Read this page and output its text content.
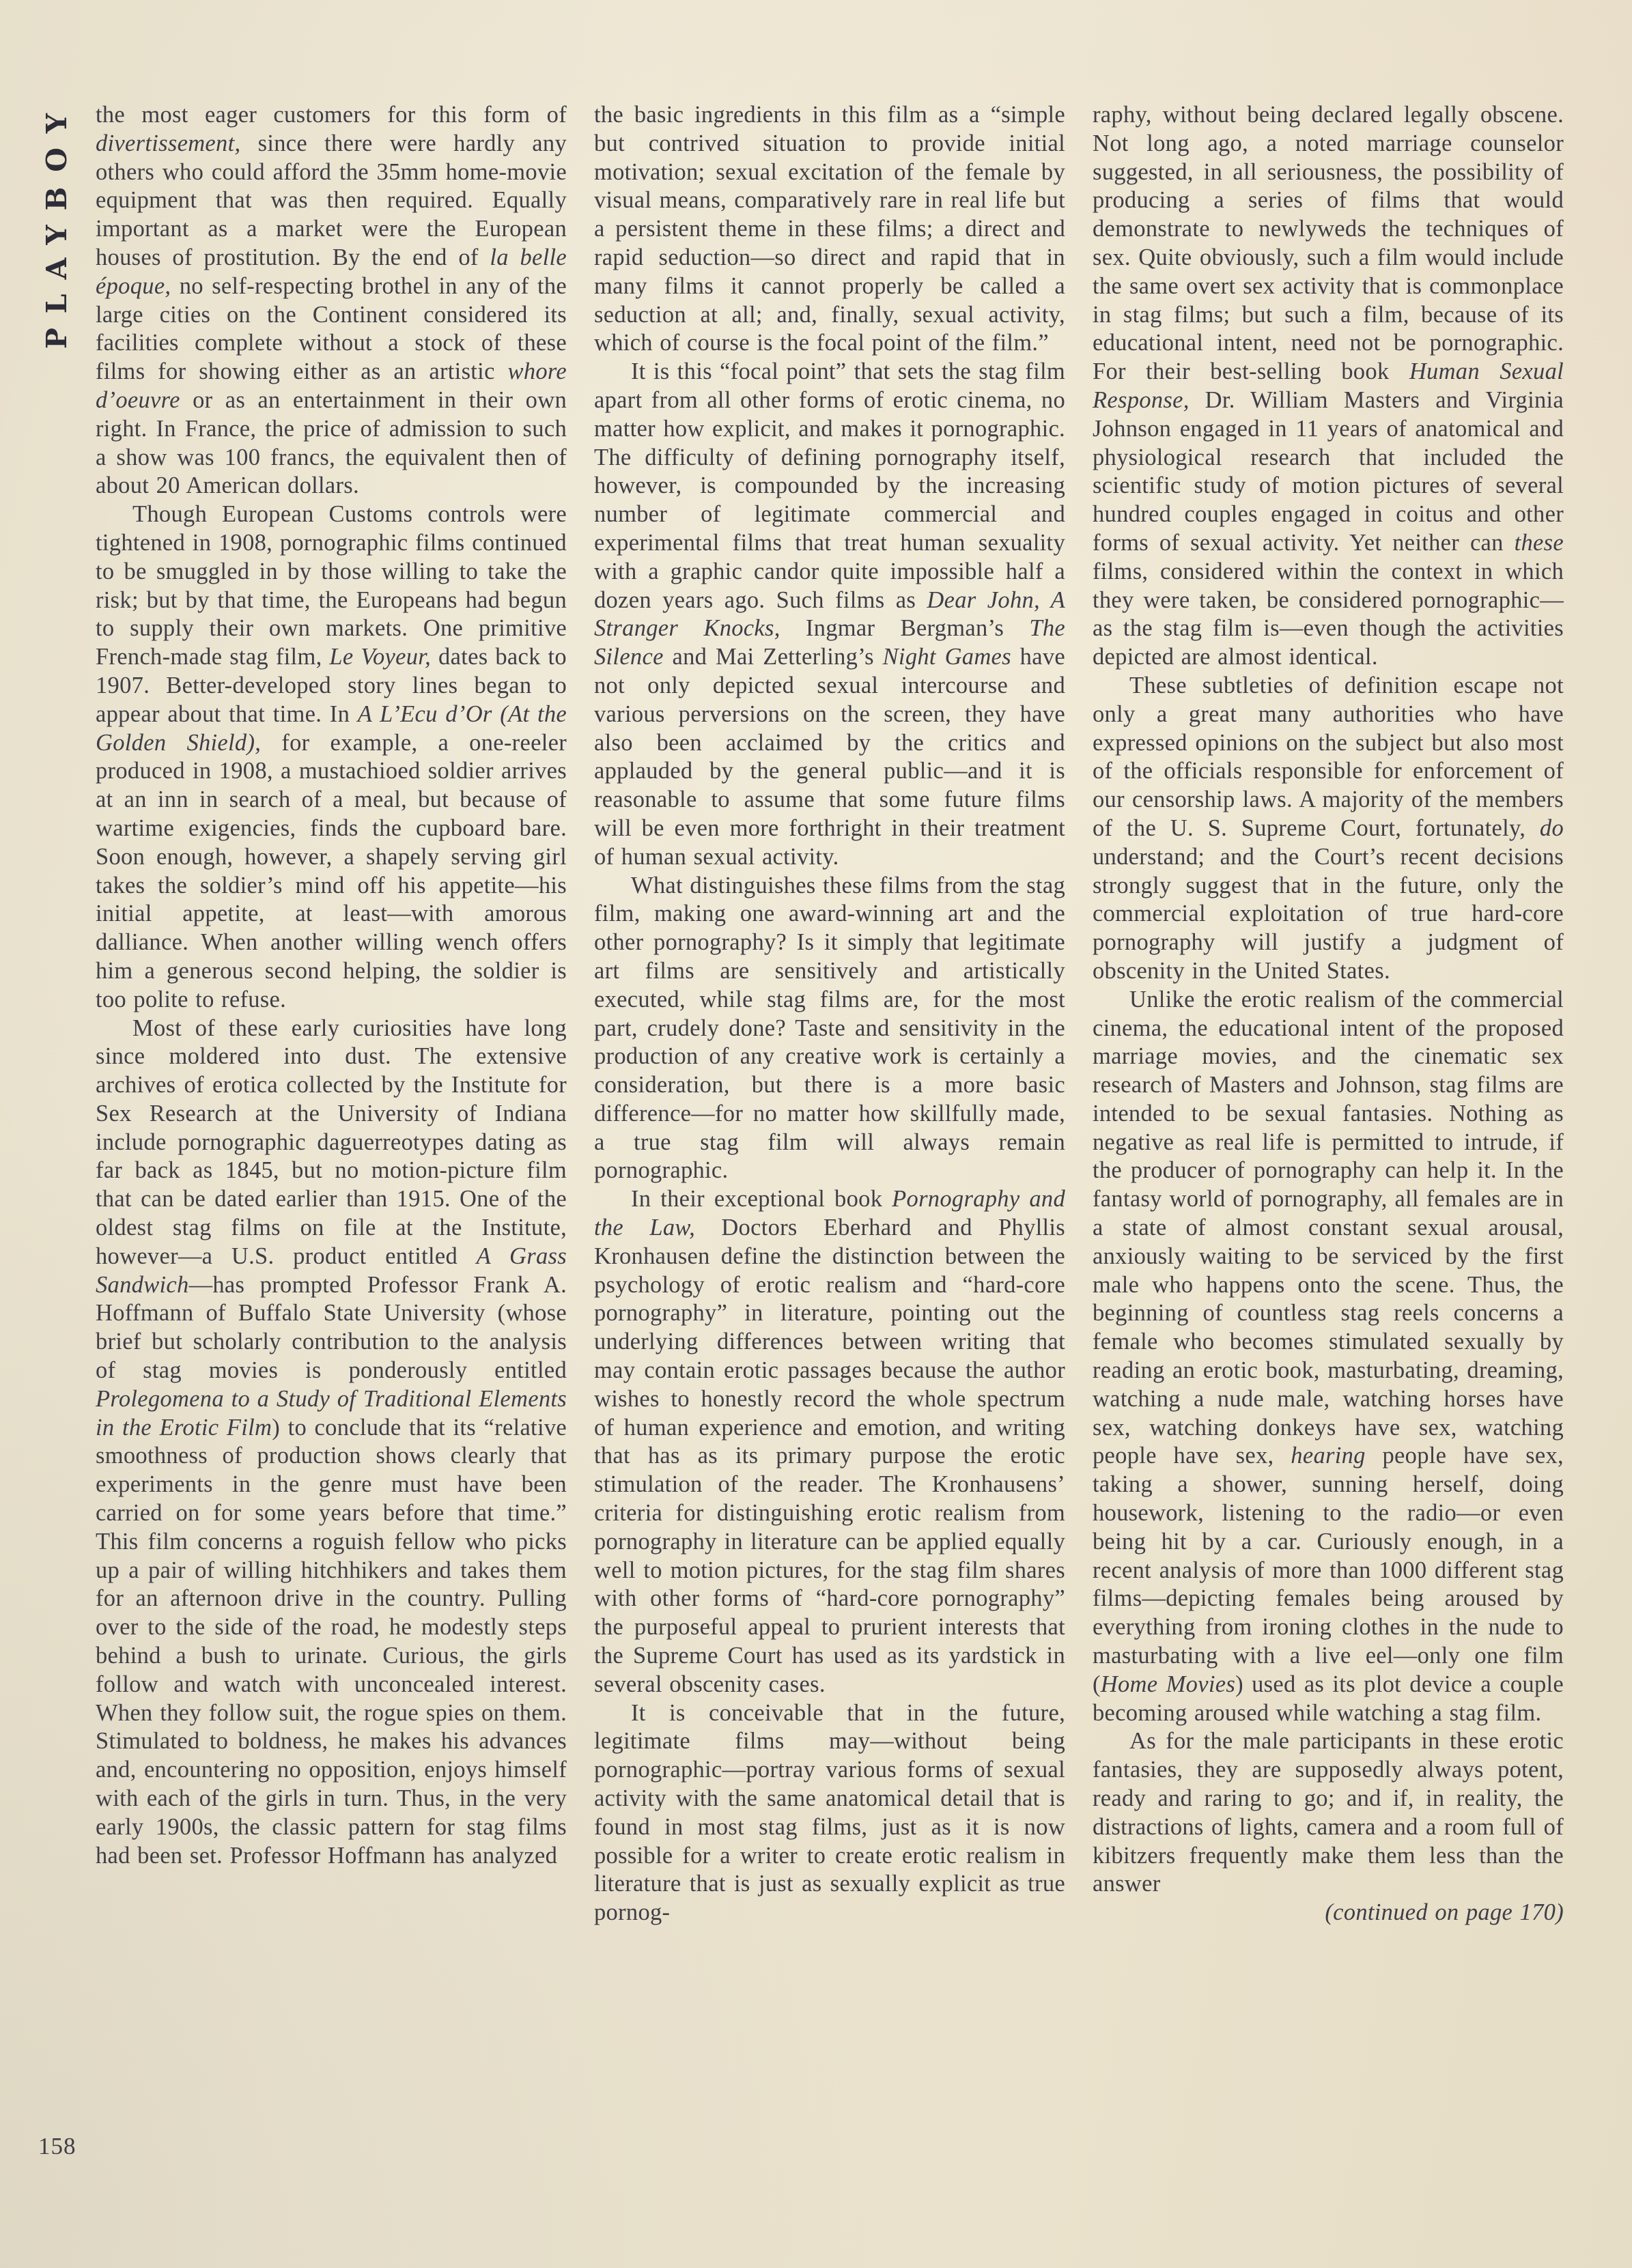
PLAYBOY the most eager customers for this form of divertissement, since there were hardly any others who could afford the 35mm home-movie equipment that was then required. Equally important as a market were the European houses of prostitution. By the end of la belle époque, no self-respecting brothel in any of the large cities on the Continent considered its facilities complete without a stock of these films for showing either as an artistic whore d’oeuvre or as an entertainment in their own right. In France, the price of admission to such a show was 100 francs, the equivalent then of about 20 American dollars.

Though European Customs controls were tightened in 1908, pornographic films continued to be smuggled in by those willing to take the risk; but by that time, the Europeans had begun to supply their own markets. One primitive French-made stag film, Le Voyeur, dates back to 1907. Better-developed story lines began to appear about that time. In A L’Ecu d’Or (At the Golden Shield), for example, a one-reeler produced in 1908, a mustachioed soldier arrives at an inn in search of a meal, but because of wartime exigencies, finds the cupboard bare. Soon enough, however, a shapely serving girl takes the soldier’s mind off his appetite—his initial appetite, at least—with amorous dalliance. When another willing wench offers him a generous second helping, the soldier is too polite to refuse.

Most of these early curiosities have long since moldered into dust. The extensive archives of erotica collected by the Institute for Sex Research at the University of Indiana include pornographic daguerreotypes dating as far back as 1845, but no motion-picture film that can be dated earlier than 1915. One of the oldest stag films on file at the Institute, however—a U.S. product entitled A Grass Sandwich—has prompted Professor Frank A. Hoffmann of Buffalo State University (whose brief but scholarly contribution to the analysis of stag movies is ponderously entitled Prolegomena to a Study of Traditional Elements in the Erotic Film) to conclude that its “relative smoothness of production shows clearly that experiments in the genre must have been carried on for some years before that time.” This film concerns a roguish fellow who picks up a pair of willing hitchhikers and takes them for an afternoon drive in the country. Pulling over to the side of the road, he modestly steps behind a bush to urinate. Curious, the girls follow and watch with unconcealed interest. When they follow suit, the rogue spies on them. Stimulated to boldness, he makes his advances and, encountering no opposition, enjoys himself with each of the girls in turn. Thus, in the very early 1900s, the classic pattern for stag films had been set. Professor Hoffmann has analyzed

the basic ingredients in this film as a “simple but contrived situation to provide initial motivation; sexual excitation of the female by visual means, comparatively rare in real life but a persistent theme in these films; a direct and rapid seduction—so direct and rapid that in many films it cannot properly be called a seduction at all; and, finally, sexual activity, which of course is the focal point of the film.”

It is this “focal point” that sets the stag film apart from all other forms of erotic cinema, no matter how explicit, and makes it pornographic. The difficulty of defining pornography itself, however, is compounded by the increasing number of legitimate commercial and experimental films that treat human sexuality with a graphic candor quite impossible half a dozen years ago. Such films as Dear John, A Stranger Knocks, Ingmar Bergman’s The Silence and Mai Zetterling’s Night Games have not only depicted sexual intercourse and various perversions on the screen, they have also been acclaimed by the critics and applauded by the general public—and it is reasonable to assume that some future films will be even more forthright in their treatment of human sexual activity.

What distinguishes these films from the stag film, making one award-winning art and the other pornography? Is it simply that legitimate art films are sensitively and artistically executed, while stag films are, for the most part, crudely done? Taste and sensitivity in the production of any creative work is certainly a consideration, but there is a more basic difference—for no matter how skillfully made, a true stag film will always remain pornographic.

In their exceptional book Pornography and the Law, Doctors Eberhard and Phyllis Kronhausen define the distinction between the psychology of erotic realism and “hard-core pornography” in literature, pointing out the underlying differences between writing that may contain erotic passages because the author wishes to honestly record the whole spectrum of human experience and emotion, and writing that has as its primary purpose the erotic stimulation of the reader. The Kronhausens’ criteria for distinguishing erotic realism from pornography in literature can be applied equally well to motion pictures, for the stag film shares with other forms of “hard-core pornography” the purposeful appeal to prurient interests that the Supreme Court has used as its yardstick in several obscenity cases.

It is conceivable that in the future, legitimate films may—without being pornographic—portray various forms of sexual activity with the same anatomical detail that is found in most stag films, just as it is now possible for a writer to create erotic realism in literature that is just as sexually explicit as true pornog-

raphy, without being declared legally obscene. Not long ago, a noted marriage counselor suggested, in all seriousness, the possibility of producing a series of films that would demonstrate to newlyweds the techniques of sex. Quite obviously, such a film would include the same overt sex activity that is commonplace in stag films; but such a film, because of its educational intent, need not be pornographic. For their best-selling book Human Sexual Response, Dr. William Masters and Virginia Johnson engaged in 11 years of anatomical and physiological research that included the scientific study of motion pictures of several hundred couples engaged in coitus and other forms of sexual activity. Yet neither can these films, considered within the context in which they were taken, be considered pornographic—as the stag film is—even though the activities depicted are almost identical.

These subtleties of definition escape not only a great many authorities who have expressed opinions on the subject but also most of the officials responsible for enforcement of our censorship laws. A majority of the members of the U. S. Supreme Court, fortunately, do understand; and the Court’s recent decisions strongly suggest that in the future, only the commercial exploitation of true hard-core pornography will justify a judgment of obscenity in the United States.

Unlike the erotic realism of the commercial cinema, the educational intent of the proposed marriage movies, and the cinematic sex research of Masters and Johnson, stag films are intended to be sexual fantasies. Nothing as negative as real life is permitted to intrude, if the producer of pornography can help it. In the fantasy world of pornography, all females are in a state of almost constant sexual arousal, anxiously waiting to be serviced by the first male who happens onto the scene. Thus, the beginning of countless stag reels concerns a female who becomes stimulated sexually by reading an erotic book, masturbating, dreaming, watching a nude male, watching horses have sex, watching donkeys have sex, watching people have sex, hearing people have sex, taking a shower, sunning herself, doing housework, listening to the radio—or even being hit by a car. Curiously enough, in a recent analysis of more than 1000 different stag films—depicting females being aroused by everything from ironing clothes in the nude to masturbating with a live eel—only one film (Home Movies) used as its plot device a couple becoming aroused while watching a stag film.

As for the male participants in these erotic fantasies, they are supposedly always potent, ready and raring to go; and if, in reality, the distractions of lights, camera and a room full of kibitzers frequently make them less than the answer

(continued on page 170)

158
